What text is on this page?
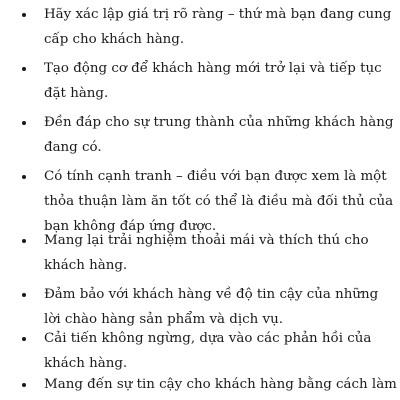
Hãy xác lập giá trị rõ ràng – thứ mà bạn đang cung
cấp cho khách hàng.
Tạo động cơ để khách hàng mới trở lại và tiếp tục
đặt hàng.
Đền đáp cho sự trung thành của những khách hàng
đang có.
Có tính cạnh tranh – điều với bạn được xem là một
thỏa thuận làm ăn tốt có thể là điều mà đối thủ của
bạn không đáp ứng được.
Mang lại trải nghiệm thoải mái và thích thú cho
khách hàng.
Đảm bảo với khách hàng về độ tin cậy của những
lời chào hàng sản phẩm và dịch vụ.
Cải tiến không ngừng, dựa vào các phản hồi của
khách hàng.
Mang đến sự tin cậy cho khách hàng bằng cách làm
